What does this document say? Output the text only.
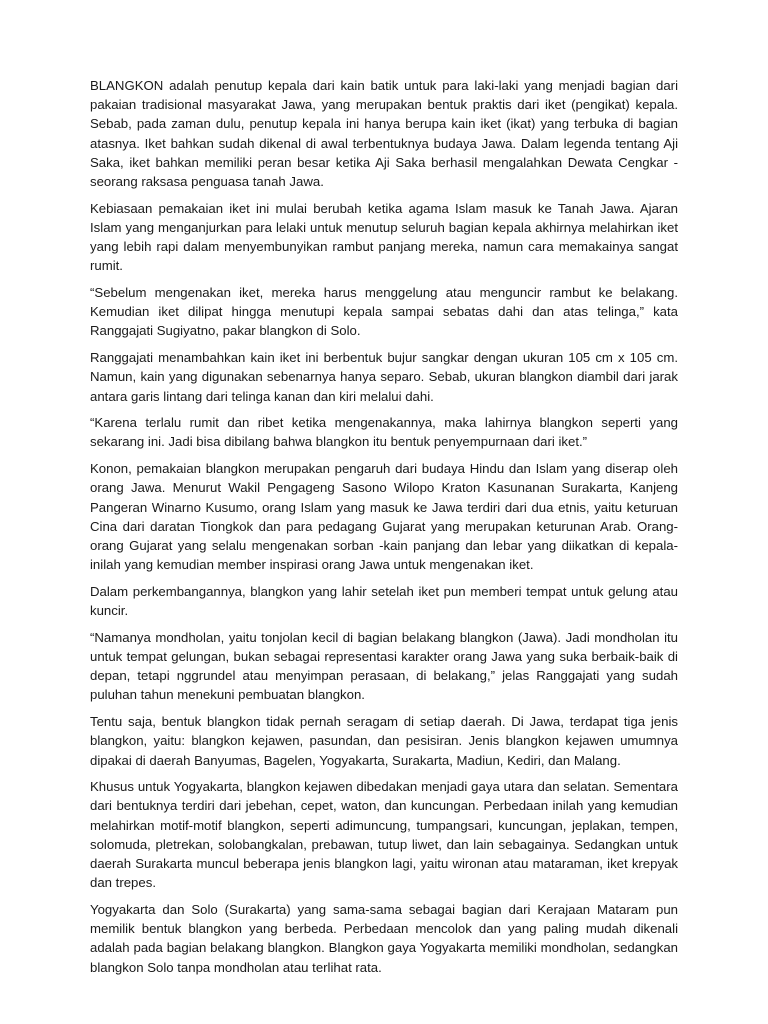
BLANGKON adalah penutup kepala dari kain batik untuk para laki-laki yang menjadi bagian dari pakaian tradisional masyarakat Jawa, yang merupakan bentuk praktis dari iket (pengikat) kepala. Sebab, pada zaman dulu, penutup kepala ini hanya berupa kain iket (ikat) yang terbuka di bagian atasnya. Iket bahkan sudah dikenal di awal terbentuknya budaya Jawa. Dalam legenda tentang Aji Saka, iket bahkan memiliki peran besar ketika Aji Saka berhasil mengalahkan Dewata Cengkar -seorang raksasa penguasa tanah Jawa.

Kebiasaan pemakaian iket ini mulai berubah ketika agama Islam masuk ke Tanah Jawa. Ajaran Islam yang menganjurkan para lelaki untuk menutup seluruh bagian kepala akhirnya melahirkan iket yang lebih rapi dalam menyembunyikan rambut panjang mereka, namun cara memakainya sangat rumit.

“Sebelum mengenakan iket, mereka harus menggelung atau menguncir rambut ke belakang. Kemudian iket dilipat hingga menutupi kepala sampai sebatas dahi dan atas telinga,” kata Ranggajati Sugiyatno, pakar blangkon di Solo.

Ranggajati menambahkan kain iket ini berbentuk bujur sangkar dengan ukuran 105 cm x 105 cm. Namun, kain yang digunakan sebenarnya hanya separo. Sebab, ukuran blangkon diambil dari jarak antara garis lintang dari telinga kanan dan kiri melalui dahi.

“Karena terlalu rumit dan ribet ketika mengenakannya, maka lahirnya blangkon seperti yang sekarang ini. Jadi bisa dibilang bahwa blangkon itu bentuk penyempurnaan dari iket.”

Konon, pemakaian blangkon merupakan pengaruh dari budaya Hindu dan Islam yang diserap oleh orang Jawa. Menurut Wakil Pengageng Sasono Wilopo Kraton Kasunanan Surakarta, Kanjeng Pangeran Winarno Kusumo, orang Islam yang masuk ke Jawa terdiri dari dua etnis, yaitu keturuan Cina dari daratan Tiongkok dan para pedagang Gujarat yang merupakan keturunan Arab. Orang-orang Gujarat yang selalu mengenakan sorban -kain panjang dan lebar yang diikatkan di kepala- inilah yang kemudian member inspirasi orang Jawa untuk mengenakan iket.

Dalam perkembangannya, blangkon yang lahir setelah iket pun memberi tempat untuk gelung atau kuncir.

“Namanya mondholan, yaitu tonjolan kecil di bagian belakang blangkon (Jawa). Jadi mondholan itu untuk tempat gelungan, bukan sebagai representasi karakter orang Jawa yang suka berbaik-baik di depan, tetapi nggrundel atau menyimpan perasaan, di belakang,” jelas Ranggajati yang sudah puluhan tahun menekuni pembuatan blangkon.

Tentu saja, bentuk blangkon tidak pernah seragam di setiap daerah. Di Jawa, terdapat tiga jenis blangkon, yaitu: blangkon kejawen, pasundan, dan pesisiran. Jenis blangkon kejawen umumnya dipakai di daerah Banyumas, Bagelen, Yogyakarta, Surakarta, Madiun, Kediri, dan Malang.

Khusus untuk Yogyakarta, blangkon kejawen dibedakan menjadi gaya utara dan selatan. Sementara dari bentuknya terdiri dari jebehan, cepet, waton, dan kuncungan. Perbedaan inilah yang kemudian melahirkan motif-motif blangkon, seperti adimuncung, tumpangsari, kuncungan, jeplakan, tempen, solomuda, pletrekan, solobangkalan, prebawan, tutup liwet, dan lain sebagainya. Sedangkan untuk daerah Surakarta muncul beberapa jenis blangkon lagi, yaitu wironan atau mataraman, iket krepyak dan trepes.

Yogyakarta dan Solo (Surakarta) yang sama-sama sebagai bagian dari Kerajaan Mataram pun memilik bentuk blangkon yang berbeda. Perbedaan mencolok dan yang paling mudah dikenali adalah pada bagian belakang blangkon. Blangkon gaya Yogyakarta memiliki mondholan, sedangkan blangkon Solo tanpa mondholan atau terlihat rata.
